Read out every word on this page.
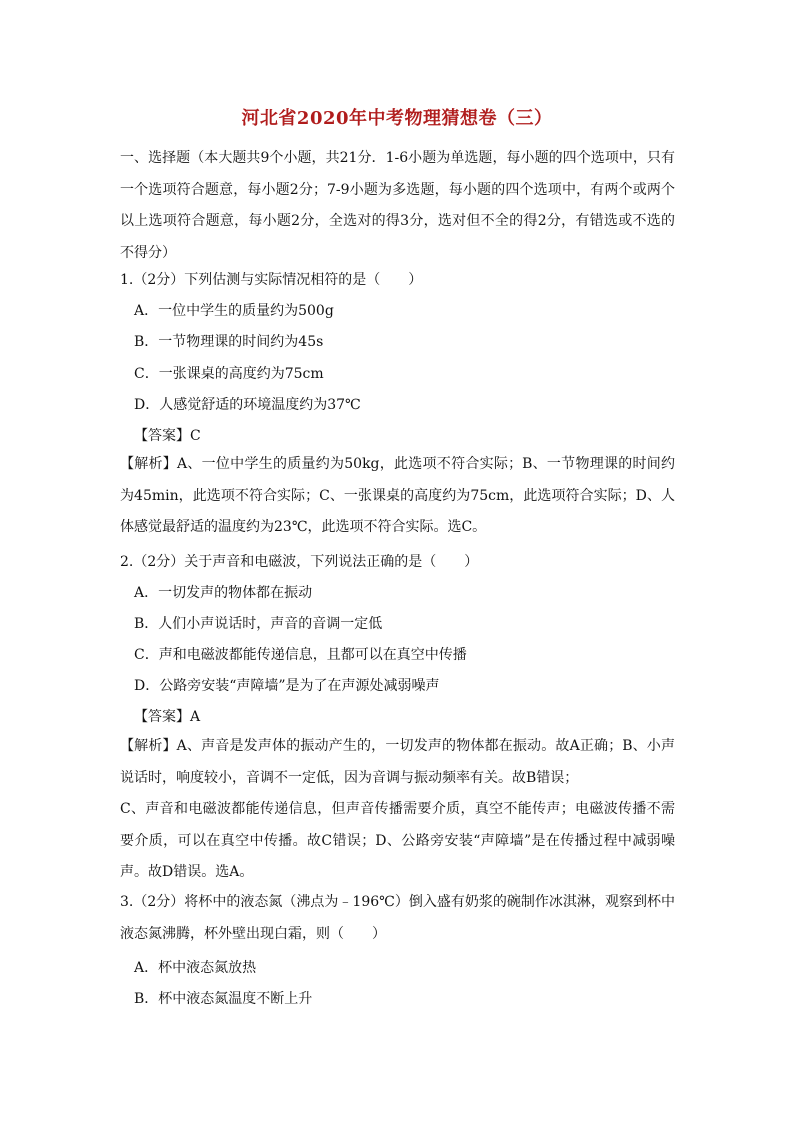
河北省2020年中考物理猜想卷（三）
一、选择题（本大题共9个小题，共21分．1-6小题为单选题，每小题的四个选项中，只有一个选项符合题意，每小题2分；7-9小题为多选题，每小题的四个选项中，有两个或两个以上选项符合题意，每小题2分，全选对的得3分，选对但不全的得2分，有错选或不选的不得分）
1.（2分）下列估测与实际情况相符的是（　　）
A．一位中学生的质量约为500g
B．一节物理课的时间约为45s
C．一张课桌的高度约为75cm
D．人感觉舒适的环境温度约为37℃
【答案】C
【解析】A、一位中学生的质量约为50kg，此选项不符合实际；B、一节物理课的时间约为45min，此选项不符合实际；C、一张课桌的高度约为75cm，此选项符合实际；D、人体感觉最舒适的温度约为23℃，此选项不符合实际。选C。
2.（2分）关于声音和电磁波，下列说法正确的是（　　）
A．一切发声的物体都在振动
B．人们小声说话时，声音的音调一定低
C．声和电磁波都能传递信息，且都可以在真空中传播
D．公路旁安装“声障墙”是为了在声源处减弱噪声
【答案】A
【解析】A、声音是发声体的振动产生的，一切发声的物体都在振动。故A正确；B、小声说话时，响度较小，音调不一定低，因为音调与振动频率有关。故B错误；
C、声音和电磁波都能传递信息，但声音传播需要介质，真空不能传声；电磁波传播不需要介质，可以在真空中传播。故C错误；D、公路旁安装“声障墙”是在传播过程中减弱噪声。故D错误。选A。
3.（2分）将杯中的液态氮（沸点为﹣196℃）倒入盛有奶浆的碗制作冰淇淋，观察到杯中液态氮沸腾，杯外壁出现白霜，则（　　）
A．杯中液态氮放热
B．杯中液态氮温度不断上升
